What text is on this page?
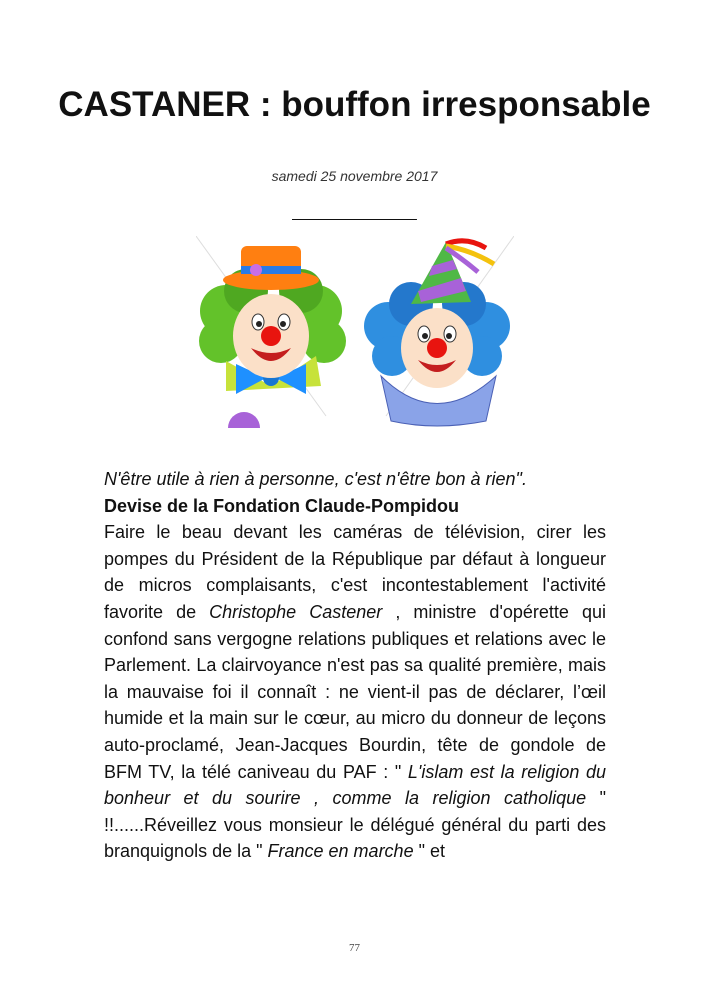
CASTANER : bouffon irresponsable
samedi 25 novembre 2017
______________

N'être utile à rien à personne, c'est n'être bon à rien".

Devise de la Fondation Claude-Pompidou

Faire le beau devant les caméras de télévision, cirer les pompes du Président de la République par défaut à longueur de micros complaisants, c'est incontestablement l'activité favorite de Christophe Castener , ministre d'opérette qui confond sans vergogne relations publiques et relations avec le Parlement. La clairvoyance n'est pas sa qualité première, mais la mauvaise foi il connaît : ne vient-il pas de déclarer, l’œil humide et la main sur le cœur, au micro du donneur de leçons auto-proclamé, Jean-Jacques Bourdin, tête de gondole de BFM TV, la télé caniveau du PAF : " L'islam est la religion du bonheur et du sourire , comme la religion catholique " !!......Réveillez vous monsieur le délégué général du parti des branquignols de la " France en marche " et

77
